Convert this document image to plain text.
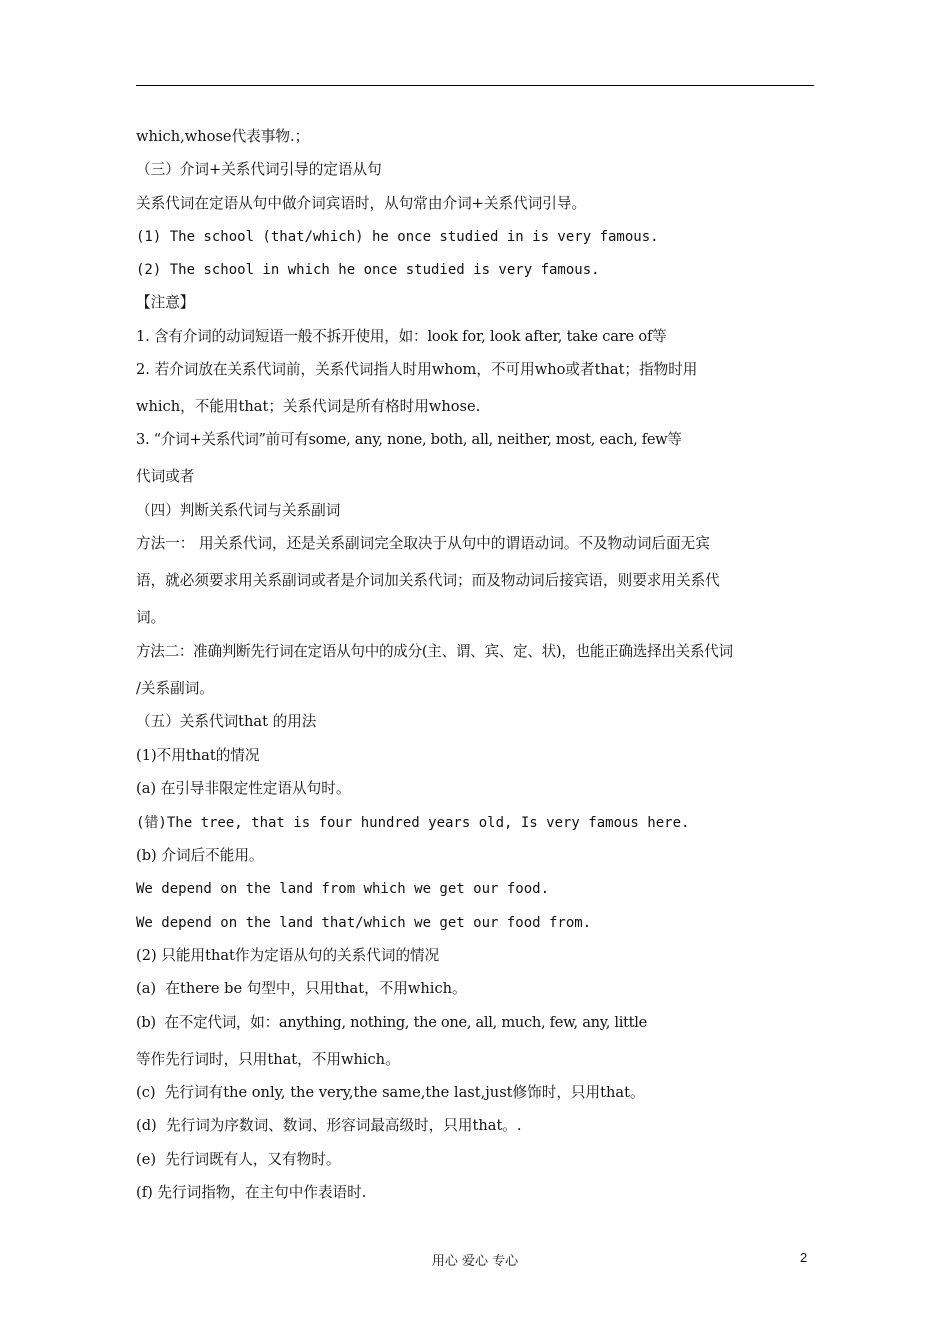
which,whose代表事物.；
（三）介词+关系代词引导的定语从句
关系代词在定语从句中做介词宾语时，从句常由介词+关系代词引导。
(1) The school (that/which) he once studied in is very famous.
(2) The school in which he once studied is very famous.
【注意】
1. 含有介词的动词短语一般不拆开使用，如：look for, look after, take care of等
2. 若介词放在关系代词前，关系代词指人时用whom，不可用who或者that；指物时用
which，不能用that；关系代词是所有格时用whose.
3. “介词+关系代词”前可有some, any, none, both, all, neither, most, each, few等
代词或者
（四）判断关系代词与关系副词
方法一： 用关系代词，还是关系副词完全取决于从句中的谓语动词。不及物动词后面无宾
语，就必须要求用关系副词或者是介词加关系代词；而及物动词后接宾语，则要求用关系代
词。
方法二：准确判断先行词在定语从句中的成分(主、谓、宾、定、状)，也能正确选择出关系代词
/关系副词。
（五）关系代词that 的用法
(1)不用that的情况
(a) 在引导非限定性定语从句时。
(错)The tree, that is four hundred years old, Is very famous here.
(b) 介词后不能用。
We depend on the land from which we get our food.
We depend on the land that/which we get our food from.
(2) 只能用that作为定语从句的关系代词的情况
(a)  在there be 句型中，只用that，不用which。
(b)  在不定代词，如：anything, nothing, the one, all, much, few, any, little
等作先行词时，只用that，不用which。
(c)  先行词有the only, the very,the same,the last,just修饰时，只用that。
(d)  先行词为序数词、数词、形容词最高级时，只用that。.
(e)  先行词既有人，又有物时。
(f) 先行词指物，在主句中作表语时.
用心 爱心 专心	2
